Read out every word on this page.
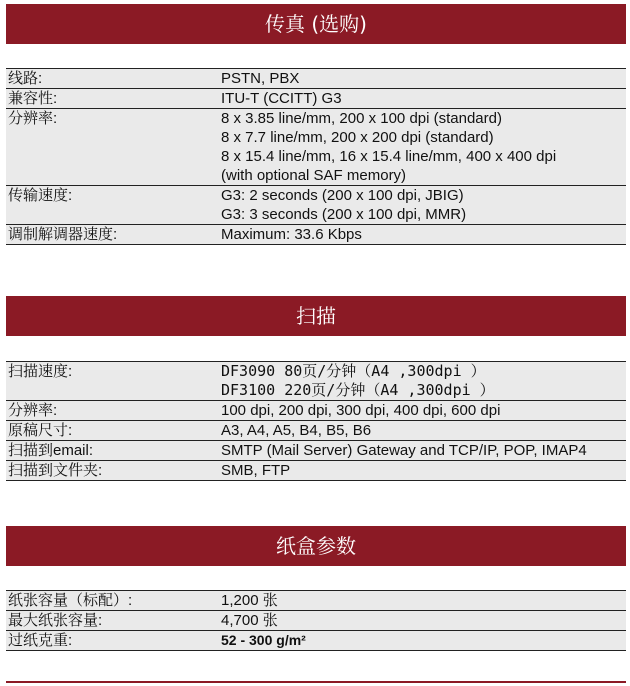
传真 (选购)
线路:	PSTN, PBX
兼容性:	ITU-T (CCITT) G3
分辨率:	8 x 3.85 line/mm, 200 x 100 dpi (standard)
8 x 7.7 line/mm, 200 x 200 dpi (standard)
8 x 15.4 line/mm, 16 x 15.4 line/mm, 400 x 400 dpi
(with optional SAF memory)
传输速度:	G3: 2 seconds (200 x 100 dpi, JBIG)
G3: 3 seconds (200 x 100 dpi, MMR)
调制解调器速度:	Maximum: 33.6 Kbps
扫描
扫描速度:	DF3090 80页/分钟（A4 ,300dpi ）
DF3100 220页/分钟（A4 ,300dpi ）
分辨率:	100 dpi, 200 dpi, 300 dpi, 400 dpi, 600 dpi
原稿尺寸:	A3, A4, A5, B4, B5, B6
扫描到email:	SMTP (Mail Server) Gateway and TCP/IP, POP, IMAP4
扫描到文件夹:	SMB, FTP
纸盒参数
纸张容量（标配）:	1,200 张
最大纸张容量:	4,700 张
过纸克重:	52 - 300 g/m²
